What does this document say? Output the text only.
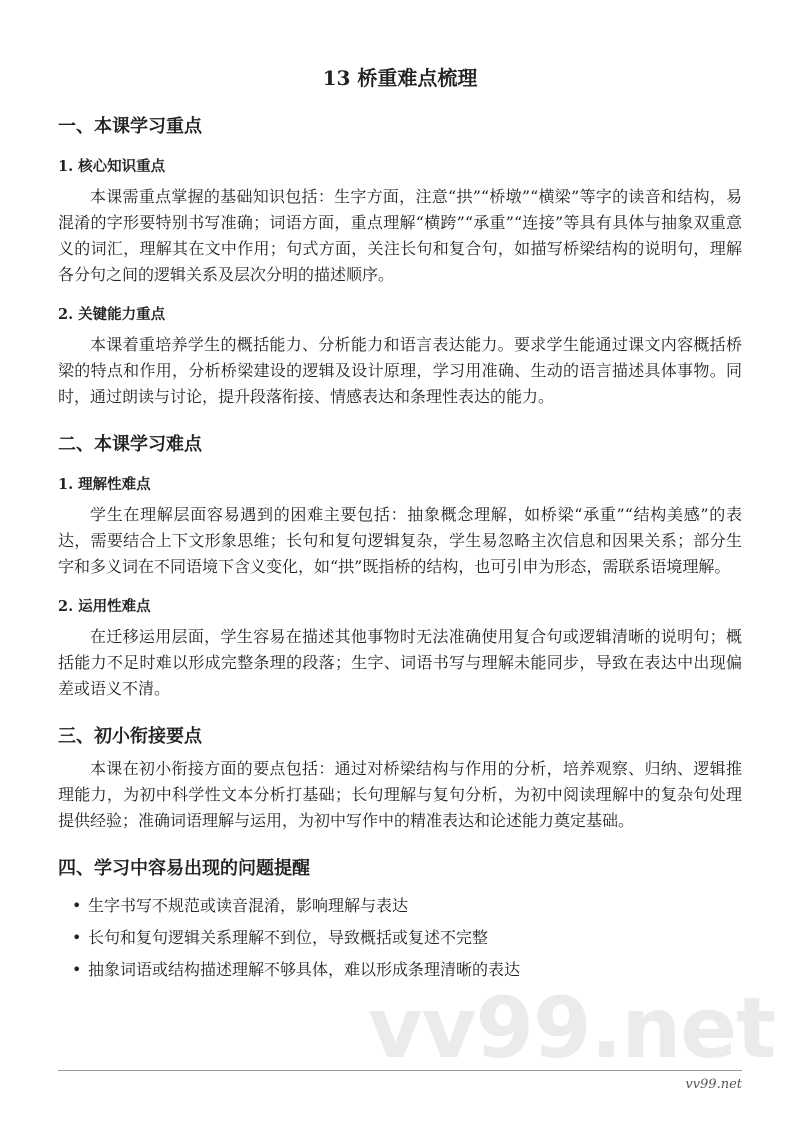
13 桥重难点梳理
一、本课学习重点
1. 核心知识重点
本课需重点掌握的基础知识包括：生字方面，注意“拱”“桥墩”“横梁”等字的读音和结构，易混淆的字形要特别书写准确；词语方面，重点理解“横跨”“承重”“连接”等具有具体与抽象双重意义的词汇，理解其在文中作用；句式方面，关注长句和复合句，如描写桥梁结构的说明句，理解各分句之间的逻辑关系及层次分明的描述顺序。
2. 关键能力重点
本课着重培养学生的概括能力、分析能力和语言表达能力。要求学生能通过课文内容概括桥梁的特点和作用，分析桥梁建设的逻辑及设计原理，学习用准确、生动的语言描述具体事物。同时，通过朗读与讨论，提升段落衔接、情感表达和条理性表达的能力。
二、本课学习难点
1. 理解性难点
学生在理解层面容易遇到的困难主要包括：抽象概念理解，如桥梁“承重”“结构美感”的表达，需要结合上下文形象思维；长句和复句逻辑复杂，学生易忽略主次信息和因果关系；部分生字和多义词在不同语境下含义变化，如“拱”既指桥的结构，也可引申为形态，需联系语境理解。
2. 运用性难点
在迁移运用层面，学生容易在描述其他事物时无法准确使用复合句或逻辑清晰的说明句；概括能力不足时难以形成完整条理的段落；生字、词语书写与理解未能同步，导致在表达中出现偏差或语义不清。
三、初小衔接要点
本课在初小衔接方面的要点包括：通过对桥梁结构与作用的分析，培养观察、归纳、逻辑推理能力，为初中科学性文本分析打基础；长句理解与复句分析，为初中阅读理解中的复杂句处理提供经验；准确词语理解与运用，为初中写作中的精准表达和论述能力奠定基础。
四、学习中容易出现的问题提醒
• 生字书写不规范或读音混淆，影响理解与表达
• 长句和复句逻辑关系理解不到位，导致概括或复述不完整
• 抽象词语或结构描述理解不够具体，难以形成条理清晰的表达
vv99.net
vv99.net
